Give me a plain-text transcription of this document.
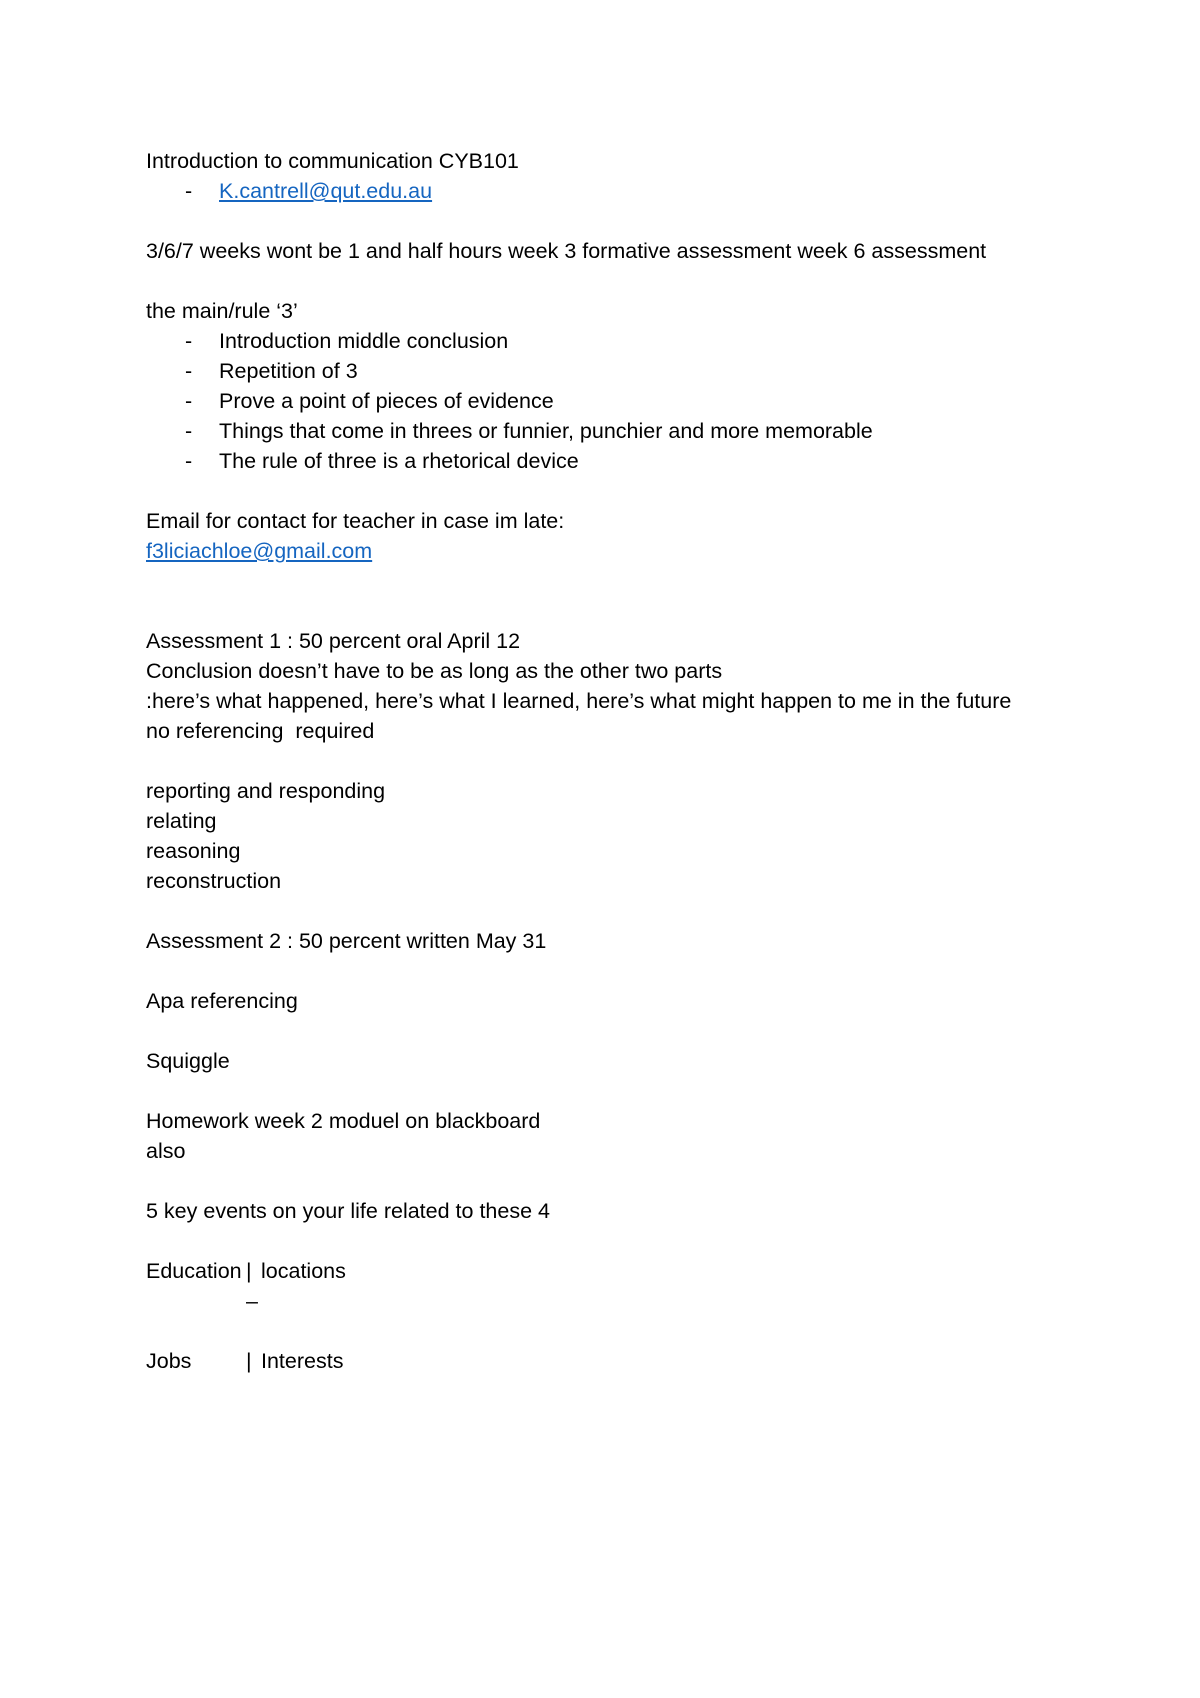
Introduction to communication CYB101

-

K.cantrell@qut.edu.au

3/6/7 weeks wont be 1 and half hours week 3 formative assessment week 6 assessment
the main/rule ‘3’

-

Introduction middle conclusion

-

Repetition of 3

-

Prove a point of pieces of evidence

-

Things that come in threes or funnier, punchier and more memorable

-

The rule of three is a rhetorical device

Email for contact for teacher in case im late:
f3liciachloe@gmail.com
Assessment 1 : 50 percent oral April 12
Conclusion doesn’t have to be as long as the other two parts
:here’s what happened, here’s what I learned, here’s what might happen to me in the future
no referencing  required
reporting and responding
relating
reasoning
reconstruction
Assessment 2 : 50 percent written May 31
Apa referencing
Squiggle
Homework week 2 moduel on blackboard
also
5 key events on your life related to these 4

Education

|

locations

–

Jobs

	|

Interests
